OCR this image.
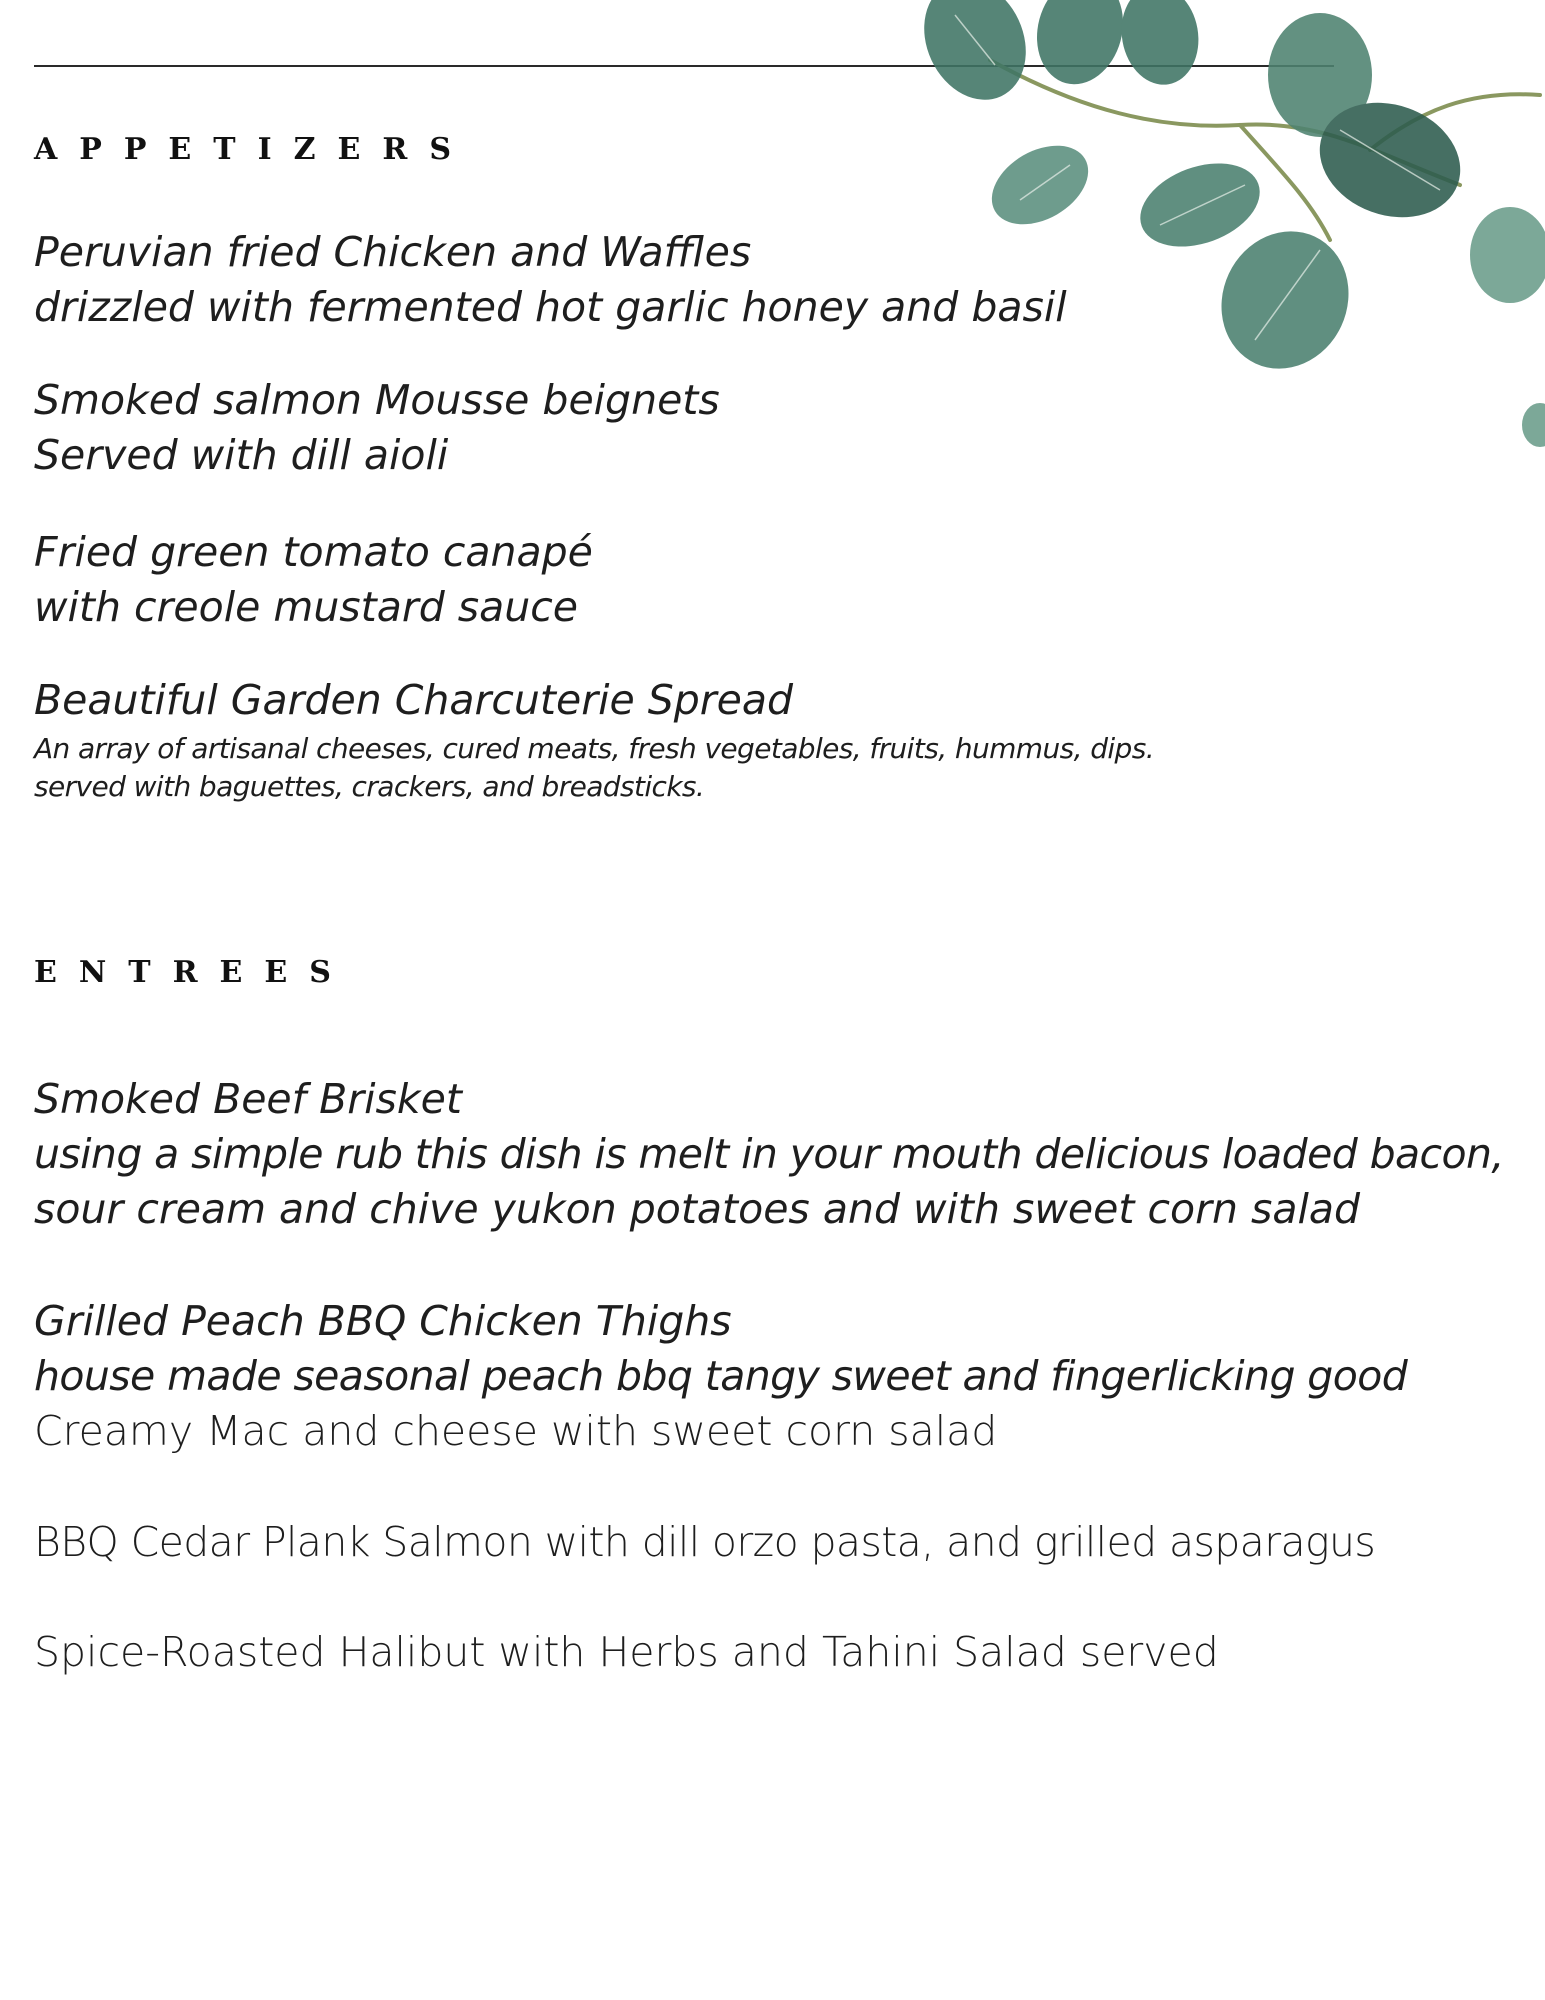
APPETIZERS

Peruvian fried Chicken and Waffles

drizzled with fermented hot garlic honey and basil

Smoked salmon Mousse beignets

Served with dill aioli

Fried green tomato canapé

with creole mustard sauce

Beautiful Garden Charcuterie Spread

An array of artisanal cheeses, cured meats, fresh vegetables, fruits, hummus, dips.

served with baguettes, crackers, and breadsticks.

ENTREES

Smoked Beef Brisket

using a simple rub this dish is melt in your mouth delicious loaded bacon,

sour cream and chive yukon potatoes and with sweet corn salad

Grilled Peach BBQ Chicken Thighs

house made seasonal peach bbq tangy sweet and fingerlicking good

Creamy Mac and cheese with sweet corn salad

BBQ Cedar Plank Salmon with dill orzo pasta, and grilled asparagus

Spice-Roasted Halibut with Herbs and Tahini Salad served
